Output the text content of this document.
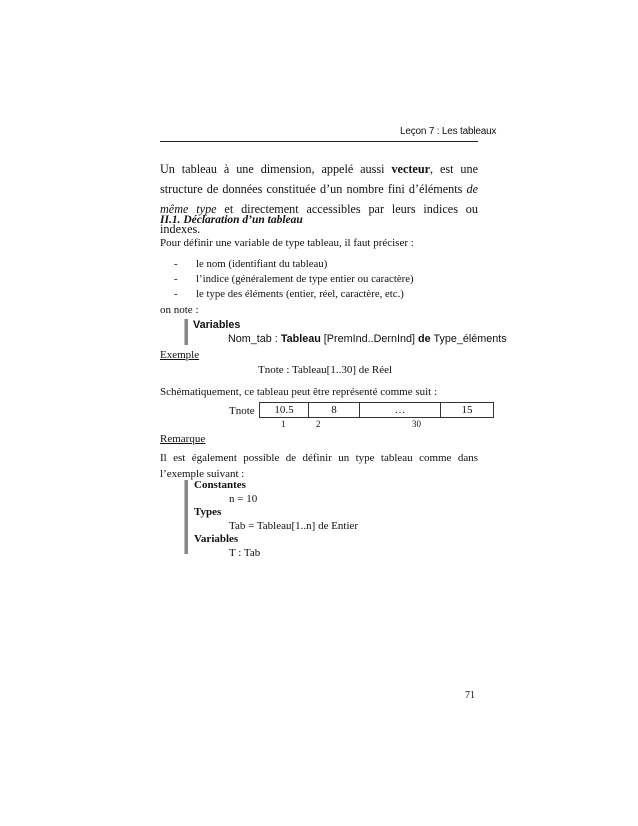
Leçon 7 : Les tableaux
Un tableau à une dimension, appelé aussi vecteur, est une structure de données constituée d’un nombre fini d’éléments de même type et directement accessibles par leurs indices ou indexes.
II.1. Déclaration d’un tableau
Pour définir une variable de type tableau, il faut préciser :
- le nom (identifiant du tableau)
- l’indice (généralement de type entier ou caractère)
- le type des éléments (entier, réel, caractère, etc.)
on note :
Variables
Nom_tab : Tableau [PremInd..DernInd] de Type_éléments
Exemple
Tnote : Tableau[1..30] de Réel
Schématiquement, ce tableau peut être représenté comme suit :
Tnote 10.5	8	…	15
1	2	30
Remarque
Il est également possible de définir un type tableau comme dans l’exemple suivant :
Constantes
n = 10
Types
Tab = Tableau[1..n] de Entier
Variables
T : Tab
71
